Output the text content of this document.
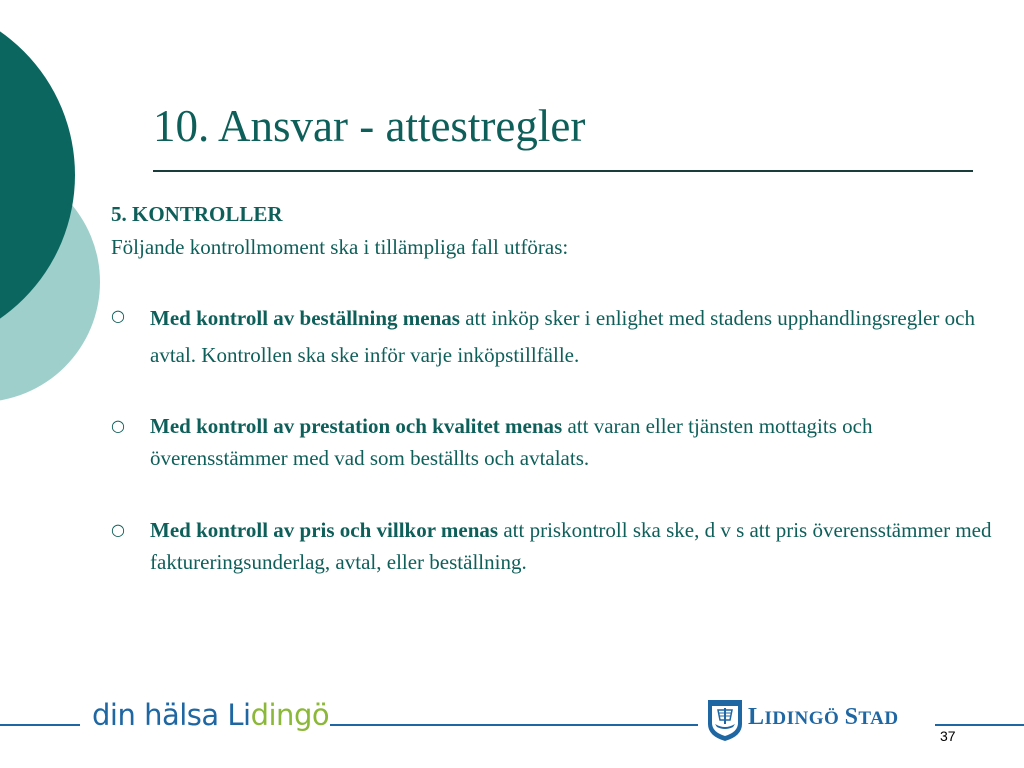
10. Ansvar - attestregler
5. KONTROLLER
Följande kontrollmoment ska i tillämpliga fall utföras:
○ Med kontroll av beställning menas att inköp sker i enlighet med stadens upphandlingsregler och avtal. Kontrollen ska ske inför varje inköpstillfälle.
○ Med kontroll av prestation och kvalitet menas att varan eller tjänsten mottagits och överensstämmer med vad som beställts och avtalats.
○ Med kontroll av pris och villkor menas att priskontroll ska ske, d v s att pris överensstämmer med faktureringsunderlag, avtal, eller beställning.
din hälsa Lidingö	LIDINGÖ STAD
37
